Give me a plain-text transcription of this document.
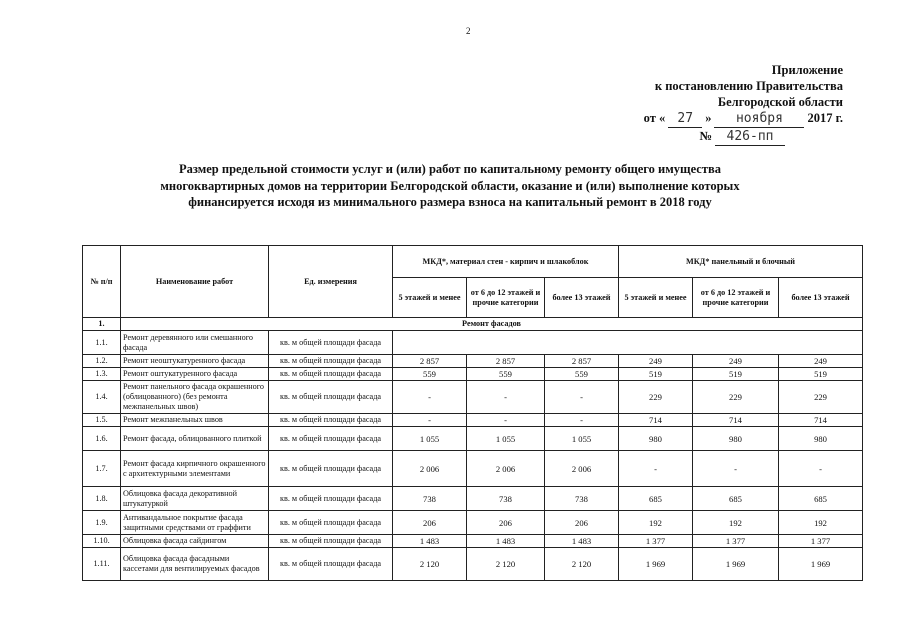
2
Приложение
к постановлению Правительства
Белгородской области
от « 27 »	ноября	2017 г.
№	426-пп
Размер предельной стоимости услуг и (или) работ по капитальному ремонту общего имущества
многоквартирных домов на территории Белгородской области, оказание и (или) выполнение которых
финансируется исходя из минимального размера взноса на капитальный ремонт в 2018 году
№ п/п	Наименование работ	Ед. измерения	МКД*, материал стен - кирпич и шлакоблок			МКД* панельный и блочный		
			5 этажей и менее	от 6 до 12 этажей и прочие категории	более 13 этажей	5 этажей и менее	от 6 до 12 этажей и прочие категории	более 13 этажей
1.	Ремонт фасадов							
1.1.	Ремонт деревянного или смешанного фасада	кв. м общей площади фасада						
1.2.	Ремонт неоштукатуренного фасада	кв. м общей площади фасада	2 857	2 857	2 857	249	249	249
1.3.	Ремонт оштукатуренного фасада	кв. м общей площади фасада	559	559	559	519	519	519
1.4.	Ремонт панельного фасада окрашенного (облицованного) (без ремонта межпанельных швов)	кв. м общей площади фасада	-	-	-	229	229	229
1.5.	Ремонт межпанельных швов	кв. м общей площади фасада	-	-	-	714	714	714
1.6.	Ремонт фасада, облицованного плиткой	кв. м общей площади фасада	1 055	1 055	1 055	980	980	980
1.7.	Ремонт фасада кирпичного окрашенного с архитектурными элементами	кв. м общей площади фасада	2 006	2 006	2 006	-	-	-
1.8.	Облицовка фасада декоративной штукатуркой	кв. м общей площади фасада	738	738	738	685	685	685
1.9.	Антивандальное покрытие фасада защитными средствами от граффити	кв. м общей площади фасада	206	206	206	192	192	192
1.10.	Облицовка фасада сайдингом	кв. м общей площади фасада	1 483	1 483	1 483	1 377	1 377	1 377
1.11.	Облицовка фасада фасадными кассетами для вентилируемых фасадов	кв. м общей площади фасада	2 120	2 120	2 120	1 969	1 969	1 969
